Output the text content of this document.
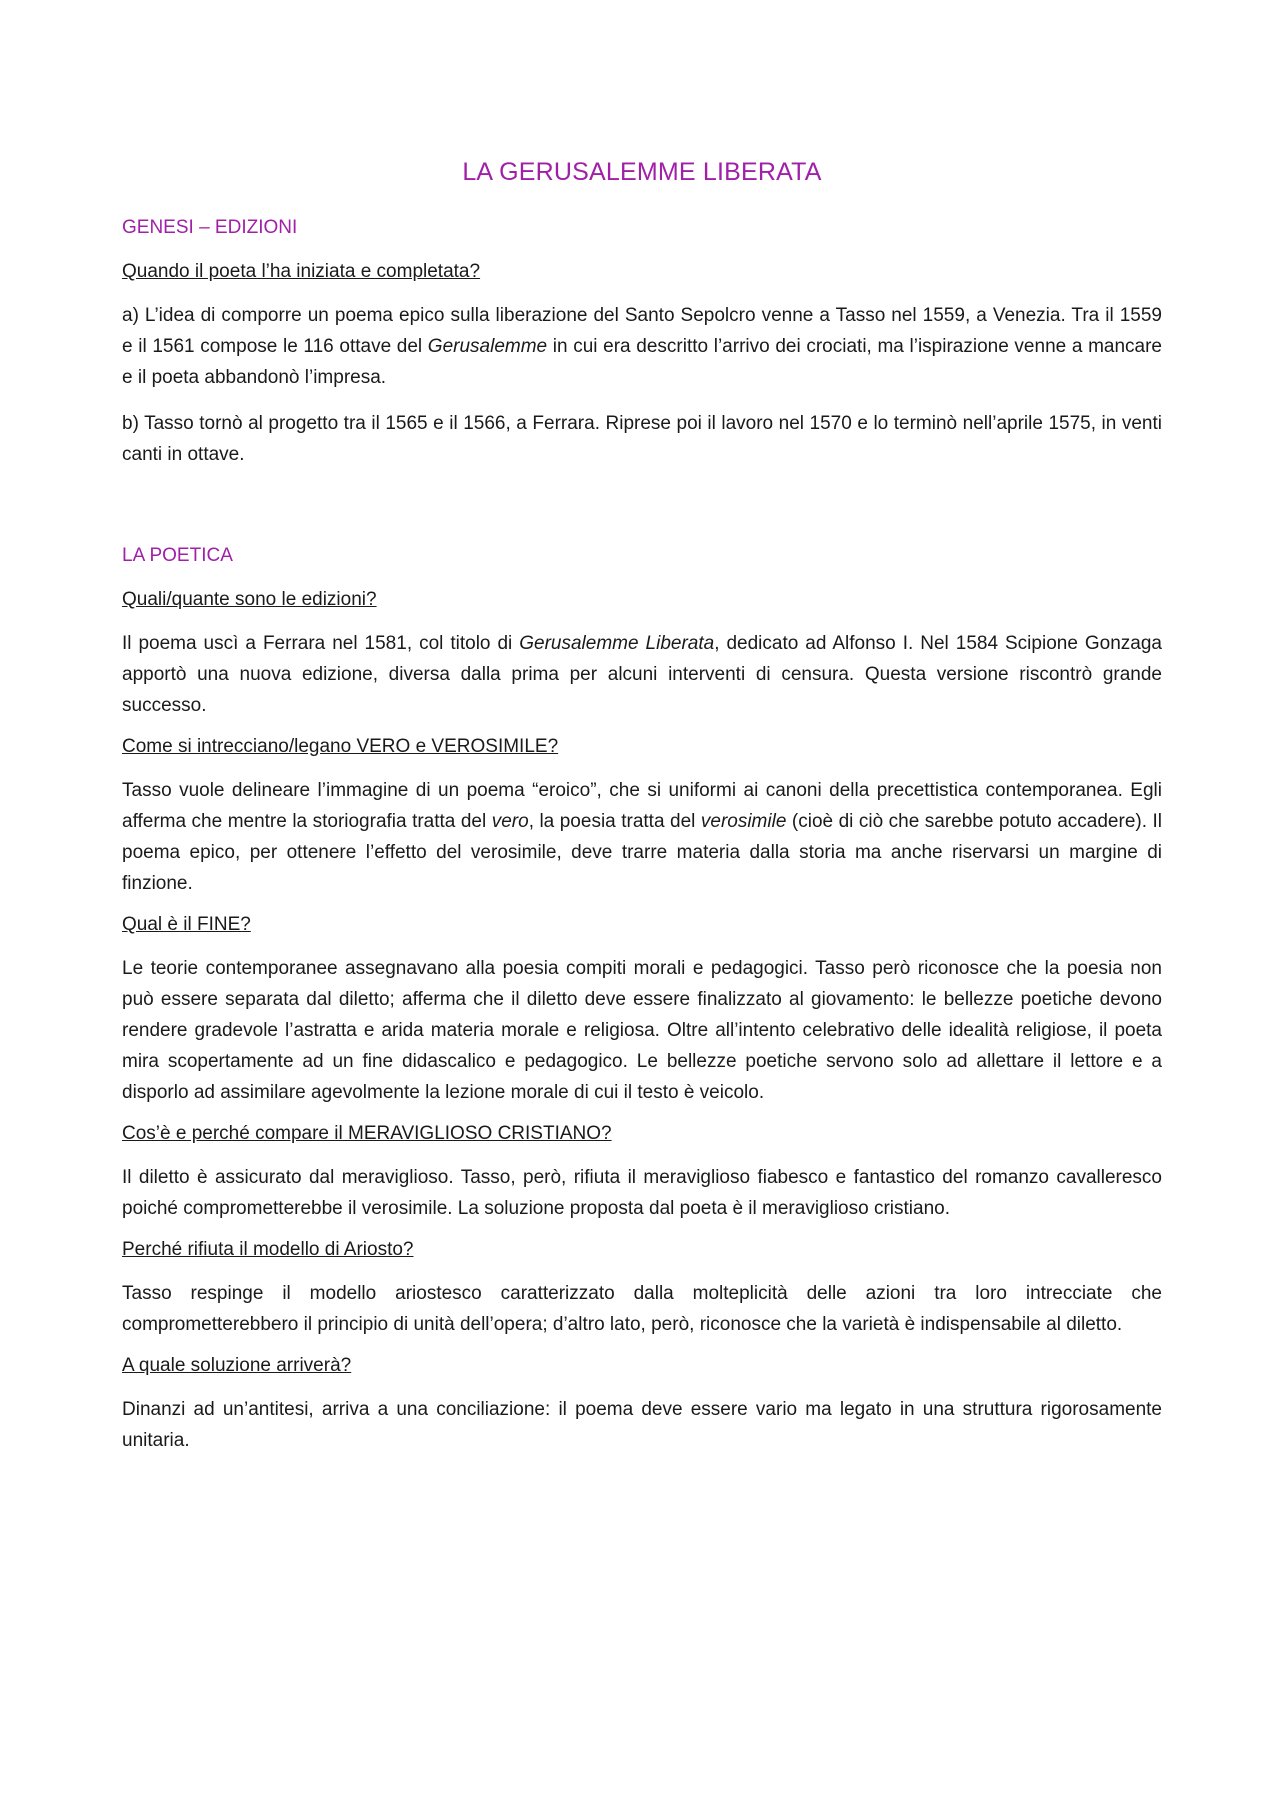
LA GERUSALEMME LIBERATA
GENESI – EDIZIONI
Quando il poeta l’ha iniziata e completata?

a) L’idea di comporre un poema epico sulla liberazione del Santo Sepolcro venne a Tasso nel 1559, a Venezia. Tra il 1559 e il 1561 compose le 116 ottave del Gerusalemme in cui era descritto l’arrivo dei crociati, ma l’ispirazione venne a mancare e il poeta abbandonò l’impresa.

b) Tasso tornò al progetto tra il 1565 e il 1566, a Ferrara. Riprese poi il lavoro nel 1570 e lo terminò nell’aprile 1575, in venti canti in ottave.

LA POETICA
Quali/quante sono le edizioni?

Il poema uscì a Ferrara nel 1581, col titolo di Gerusalemme Liberata, dedicato ad Alfonso I. Nel 1584 Scipione Gonzaga apportò una nuova edizione, diversa dalla prima per alcuni interventi di censura. Questa versione riscontrò grande successo.

Come si intrecciano/legano VERO e VEROSIMILE?

Tasso vuole delineare l’immagine di un poema “eroico”, che si uniformi ai canoni della precettistica contemporanea. Egli afferma che mentre la storiografia tratta del vero, la poesia tratta del verosimile (cioè di ciò che sarebbe potuto accadere). Il poema epico, per ottenere l’effetto del verosimile, deve trarre materia dalla storia ma anche riservarsi un margine di finzione.

Qual è il FINE?

Le teorie contemporanee assegnavano alla poesia compiti morali e pedagogici. Tasso però riconosce che la poesia non può essere separata dal diletto; afferma che il diletto deve essere finalizzato al giovamento: le bellezze poetiche devono rendere gradevole l’astratta e arida materia morale e religiosa. Oltre all’intento celebrativo delle idealità religiose, il poeta mira scopertamente ad un fine didascalico e pedagogico. Le bellezze poetiche servono solo ad allettare il lettore e a disporlo ad assimilare agevolmente la lezione morale di cui il testo è veicolo.

Cos’è e perché compare il MERAVIGLIOSO CRISTIANO?

Il diletto è assicurato dal meraviglioso. Tasso, però, rifiuta il meraviglioso fiabesco e fantastico del romanzo cavalleresco poiché comprometterebbe il verosimile. La soluzione proposta dal poeta è il meraviglioso cristiano.

Perché rifiuta il modello di Ariosto?

Tasso respinge il modello ariostesco caratterizzato dalla molteplicità delle azioni tra loro intrecciate che comprometterebbero il principio di unità dell’opera; d’altro lato, però, riconosce che la varietà è indispensabile al diletto.

A quale soluzione arriverà?

Dinanzi ad un’antitesi, arriva a una conciliazione: il poema deve essere vario ma legato in una struttura rigorosamente unitaria.
